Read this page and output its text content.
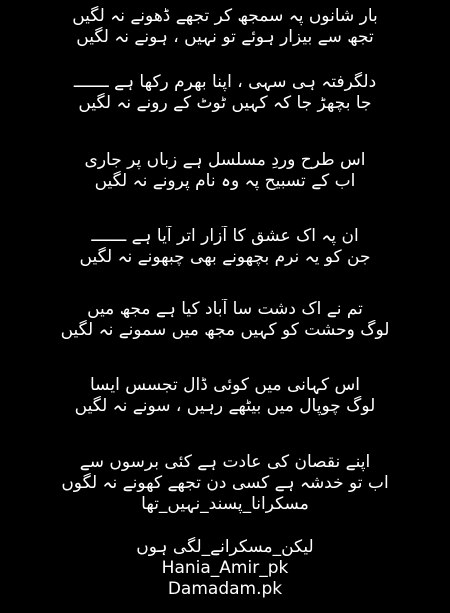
بار شانوں پہ سمجھ کر تجھے ڈھونے نہ لگیں
تجھ سے بیزار ہوئے تو نہیں ، ہونے نہ لگیں
دلگرفتہ ہی سہی ، اپنا بھرم رکھا ہے ـــــــ
جا بچھڑ جا کہ کہیں ٹوٹ کے رونے نہ لگیں
اس طرح وردِ مسلسل ہے زباں پر جاری
اب کے تسبیح پہ وہ نام پرونے نہ لگیں
ان پہ اک عشق کا آزار اتر آیا ہے ـــــــ
جن کو یہ نرم بچھونے بھی چبھونے نہ لگیں
تم نے اک دشت سا آباد کیا ہے مجھ میں
لوگ وحشت کو کہیں مجھ میں سمونے نہ لگیں
اس کہانی میں کوئی ڈال تجسس ایسا
لوگ چوپال میں بیٹھے رہیں ، سونے نہ لگیں
اپنے نقصان کی عادت ہے کئی برسوں سے
اب تو خدشہ ہے کسی دن تجھے کھونے نہ لگوں
مسکرانا_پسند_نہیں_تھا
لیکن_مسکرانے_لگی ہوں
Hania_Amir_pk
Damadam.pk
